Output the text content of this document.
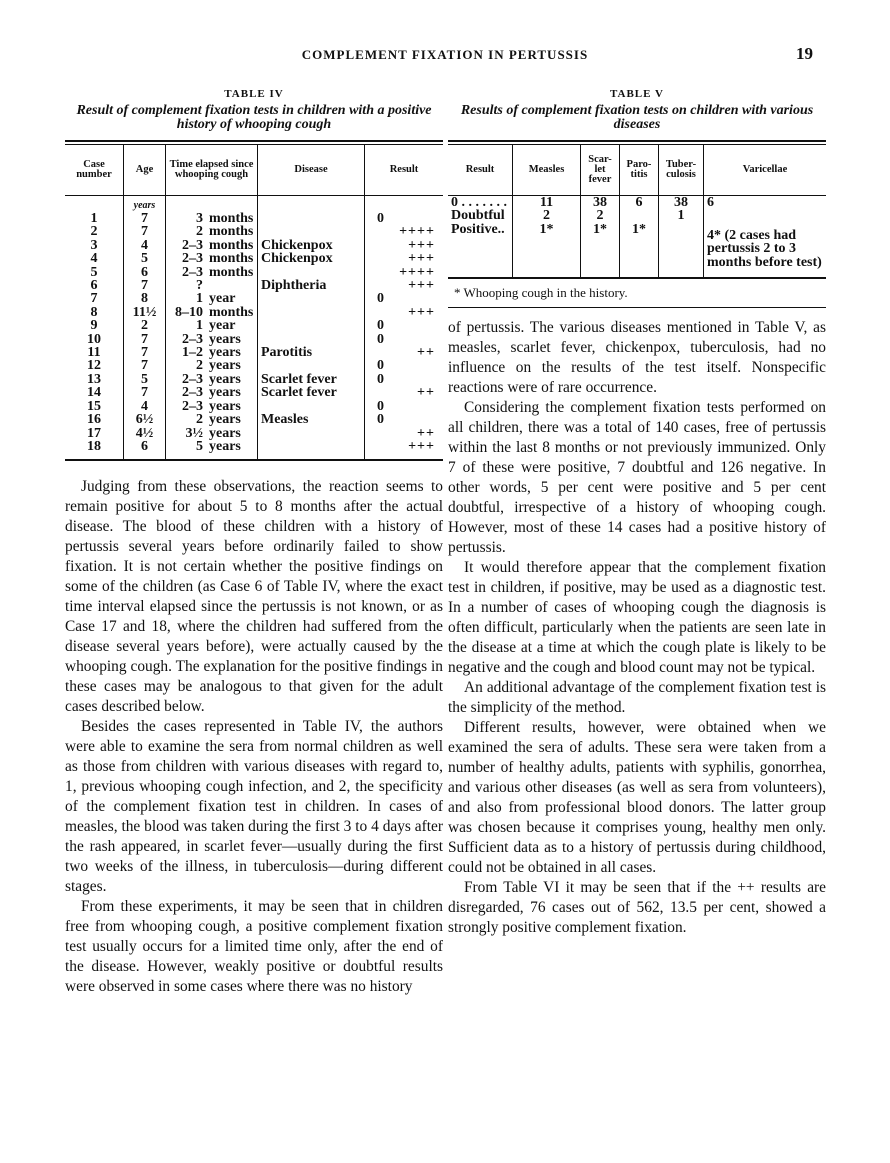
COMPLEMENT FIXATION IN PERTUSSIS	19
TABLE IV
Result of complement fixation tests in children with a positive history of whooping cough
Case number	Age	Time elapsed since whooping cough	Disease	Result
	years			
1	7	3 months		0
2	7	2 months		++++
3	4	2–3 months	Chickenpox	+++
4	5	2–3 months	Chickenpox	+++
5	6	2–3 months		++++
6	7	?	Diphtheria	+++
7	8	1 year		0
8	11½	8–10 months		+++
9	2	1 year		0
10	7	2–3 years		0
11	7	1–2 years	Parotitis	++
12	7	2 years		0
13	5	2–3 years	Scarlet fever	0
14	7	2–3 years	Scarlet fever	++
15	4	2–3 years		0
16	6½	2 years	Measles	0
17	4½	3½ years		++
18	6	5 years		+++

Judging from these observations, the reaction seems to remain positive for about 5 to 8 months after the actual disease. The blood of these children with a history of pertussis several years before ordinarily failed to show fixation. It is not certain whether the positive findings on some of the children (as Case 6 of Table IV, where the exact time interval elapsed since the pertussis is not known, or as Case 17 and 18, where the children had suffered from the disease several years before), were actually caused by the whooping cough. The explanation for the positive findings in these cases may be analogous to that given for the adult cases described below.

Besides the cases represented in Table IV, the authors were able to examine the sera from normal children as well as those from children with various diseases with regard to, 1, previous whooping cough infection, and 2, the specificity of the complement fixation test in children. In cases of measles, the blood was taken during the first 3 to 4 days after the rash appeared, in scarlet fever—usually during the first two weeks of the illness, in tuberculosis—during different stages.

From these experiments, it may be seen that in children free from whooping cough, a positive complement fixation test usually occurs for a limited time only, after the end of the disease. However, weakly positive or doubtful results were observed in some cases where there was no history

TABLE V
Results of complement fixation tests on children with various diseases
Result	Measles	Scar-let fever	Paro-titis	Tuber-culosis	Varicellae
0 . . . . . . .	11	38	6	38	6
Doubtful	2	2		1	
Positive..	1*	1*	1*		4* (2 cases had pertussis 2 to 3 months before test)

* Whooping cough in the history.

of pertussis. The various diseases mentioned in Table V, as measles, scarlet fever, chickenpox, tuberculosis, had no influence on the results of the test itself. Nonspecific reactions were of rare occurrence.

Considering the complement fixation tests performed on all children, there was a total of 140 cases, free of pertussis within the last 8 months or not previously immunized. Only 7 of these were positive, 7 doubtful and 126 negative. In other words, 5 per cent were positive and 5 per cent doubtful, irrespective of a history of whooping cough. However, most of these 14 cases had a positive history of pertussis.

It would therefore appear that the complement fixation test in children, if positive, may be used as a diagnostic test. In a number of cases of whooping cough the diagnosis is often difficult, particularly when the patients are seen late in the disease at a time at which the cough plate is likely to be negative and the cough and blood count may not be typical.

An additional advantage of the complement fixation test is the simplicity of the method.

Different results, however, were obtained when we examined the sera of adults. These sera were taken from a number of healthy adults, patients with syphilis, gonorrhea, and various other diseases (as well as sera from volunteers), and also from professional blood donors. The latter group was chosen because it comprises young, healthy men only. Sufficient data as to a history of pertussis during childhood, could not be obtained in all cases.

From Table VI it may be seen that if the ++ results are disregarded, 76 cases out of 562, 13.5 per cent, showed a strongly positive complement fixation.
